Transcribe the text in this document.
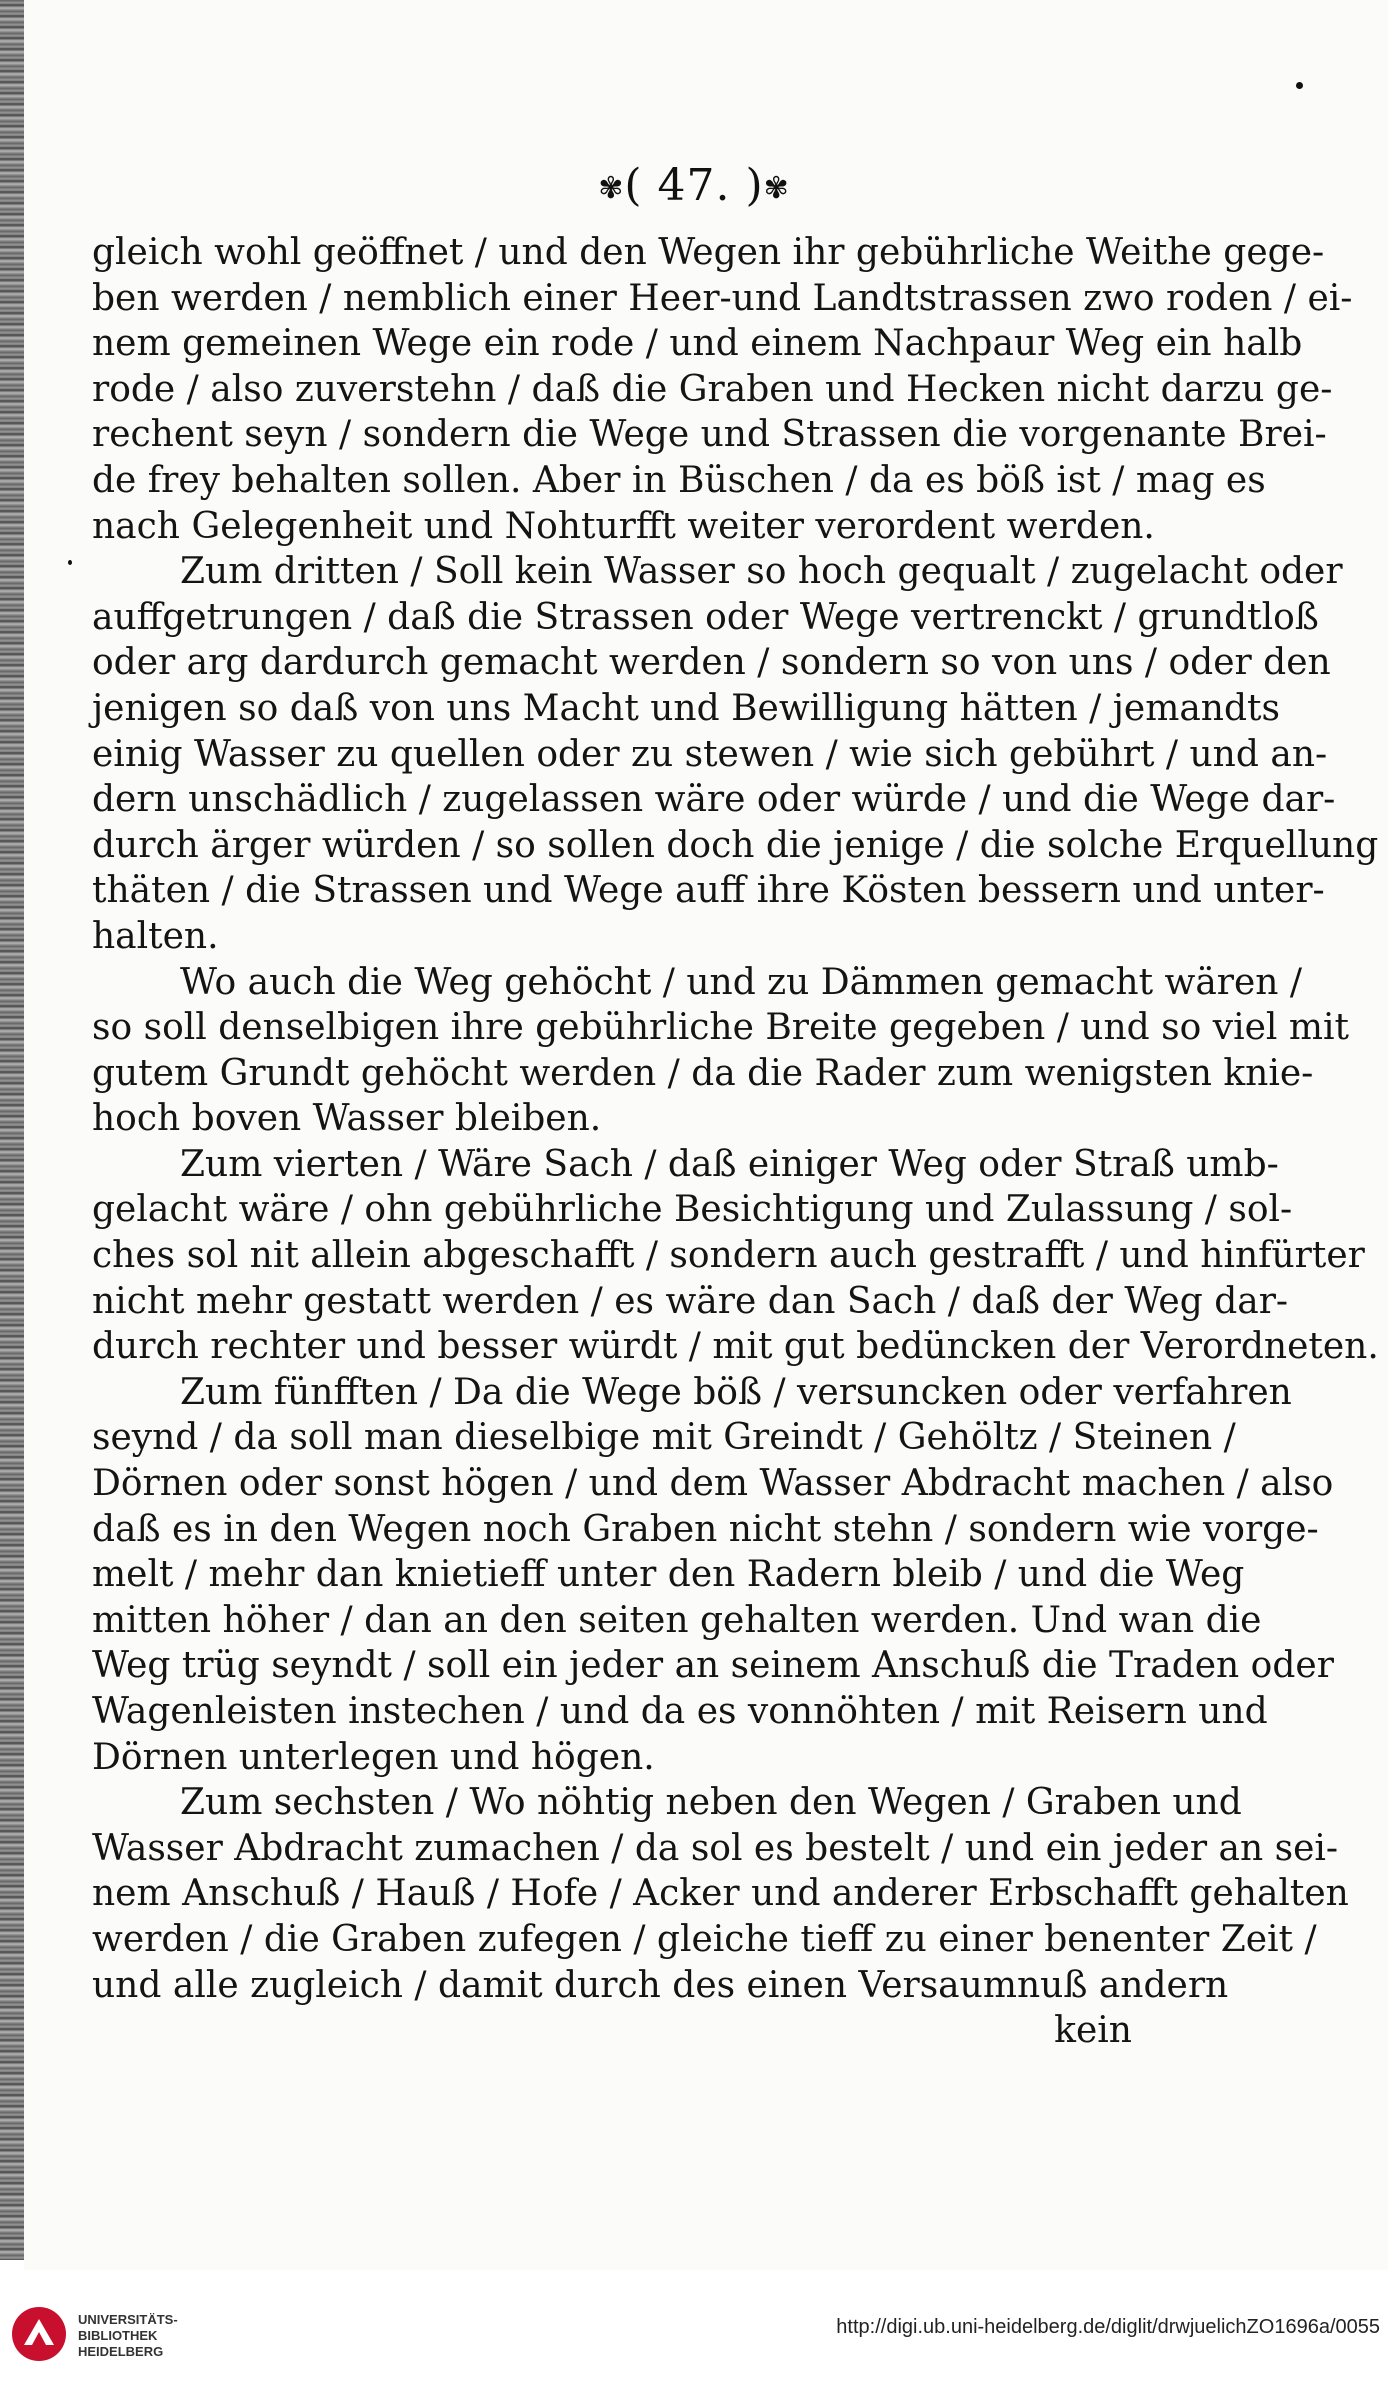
✾( 47. )✾
gleich wohl geöffnet / und den Wegen ihr gebührliche Weithe gege-
ben werden / nemblich einer Heer-und Landtstrassen zwo roden / ei-
nem gemeinen Wege ein rode / und einem Nachpaur Weg ein halb
rode / also zuverstehn / daß die Graben und Hecken nicht darzu ge-
rechent seyn / sondern die Wege und Strassen die vorgenante Brei-
de frey behalten sollen. Aber in Büschen / da es böß ist / mag es
nach Gelegenheit und Nohturfft weiter verordent werden.
Zum dritten / Soll kein Wasser so hoch gequalt / zugelacht oder
auffgetrungen / daß die Strassen oder Wege vertrenckt / grundtloß
oder arg dardurch gemacht werden / sondern so von uns / oder den
jenigen so daß von uns Macht und Bewilligung hätten / jemandts
einig Wasser zu quellen oder zu stewen / wie sich gebührt / und an-
dern unschädlich / zugelassen wäre oder würde / und die Wege dar-
durch ärger würden / so sollen doch die jenige / die solche Erquellung
thäten / die Strassen und Wege auff ihre Kösten bessern und unter-
halten.
Wo auch die Weg gehöcht / und zu Dämmen gemacht wären /
so soll denselbigen ihre gebührliche Breite gegeben / und so viel mit
gutem Grundt gehöcht werden / da die Rader zum wenigsten knie-
hoch boven Wasser bleiben.
Zum vierten / Wäre Sach / daß einiger Weg oder Straß umb-
gelacht wäre / ohn gebührliche Besichtigung und Zulassung / sol-
ches sol nit allein abgeschafft / sondern auch gestrafft / und hinfürter
nicht mehr gestatt werden / es wäre dan Sach / daß der Weg dar-
durch rechter und besser würdt / mit gut bedüncken der Verordneten.
Zum fünfften / Da die Wege böß / versuncken oder verfahren
seynd / da soll man dieselbige mit Greindt / Gehöltz / Steinen /
Dörnen oder sonst högen / und dem Wasser Abdracht machen / also
daß es in den Wegen noch Graben nicht stehn / sondern wie vorge-
melt / mehr dan knietieff unter den Radern bleib / und die Weg
mitten höher / dan an den seiten gehalten werden. Und wan die
Weg trüg seyndt / soll ein jeder an seinem Anschuß die Traden oder
Wagenleisten instechen / und da es vonnöhten / mit Reisern und
Dörnen unterlegen und högen.
Zum sechsten / Wo nöhtig neben den Wegen / Graben und
Wasser Abdracht zumachen / da sol es bestelt / und ein jeder an sei-
nem Anschuß / Hauß / Hofe / Acker und anderer Erbschafft gehalten
werden / die Graben zufegen / gleiche tieff zu einer benenter Zeit /
und alle zugleich / damit durch des einen Versaumnuß andern
kein
UNIVERSITÄTS-
BIBLIOTHEK
HEIDELBERG
http://digi.ub.uni-heidelberg.de/diglit/drwjuelichZO1696a/0055
